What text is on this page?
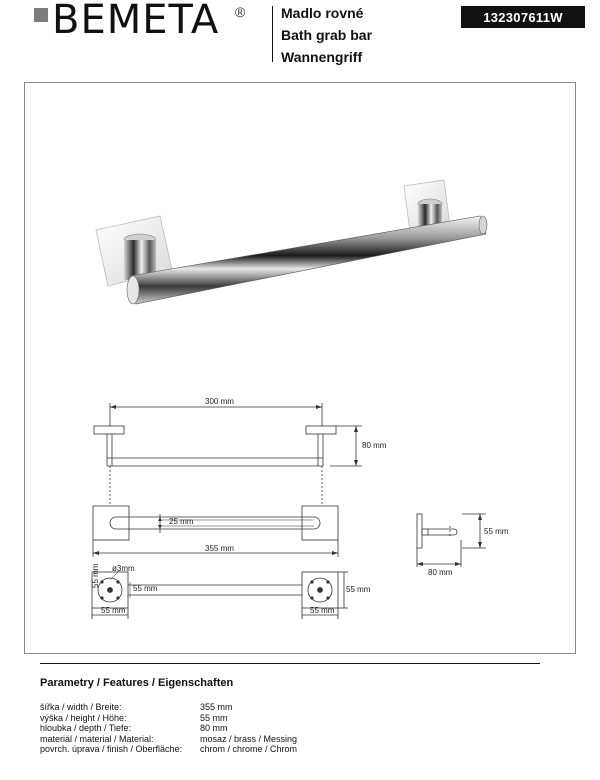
BEMETA ®	Madlo rovné
Bath grab bar
Wannengriff
132307611W
300 mm
80 mm
25 mm
355 mm
55 mm
80 mm
ø3mm
55 mm
55 mm
55 mm
55 mm
55 mm
Parametry / Features / Eigenschaften
šířka / width / Breite:	355 mm
výška / height / Höhe:	55 mm
hloubka / depth / Tiefe:	80 mm
materiál / material / Material:	mosaz / brass / Messing
povrch. úprava / finish / Oberfläche:	chrom / chrome / Chrom
